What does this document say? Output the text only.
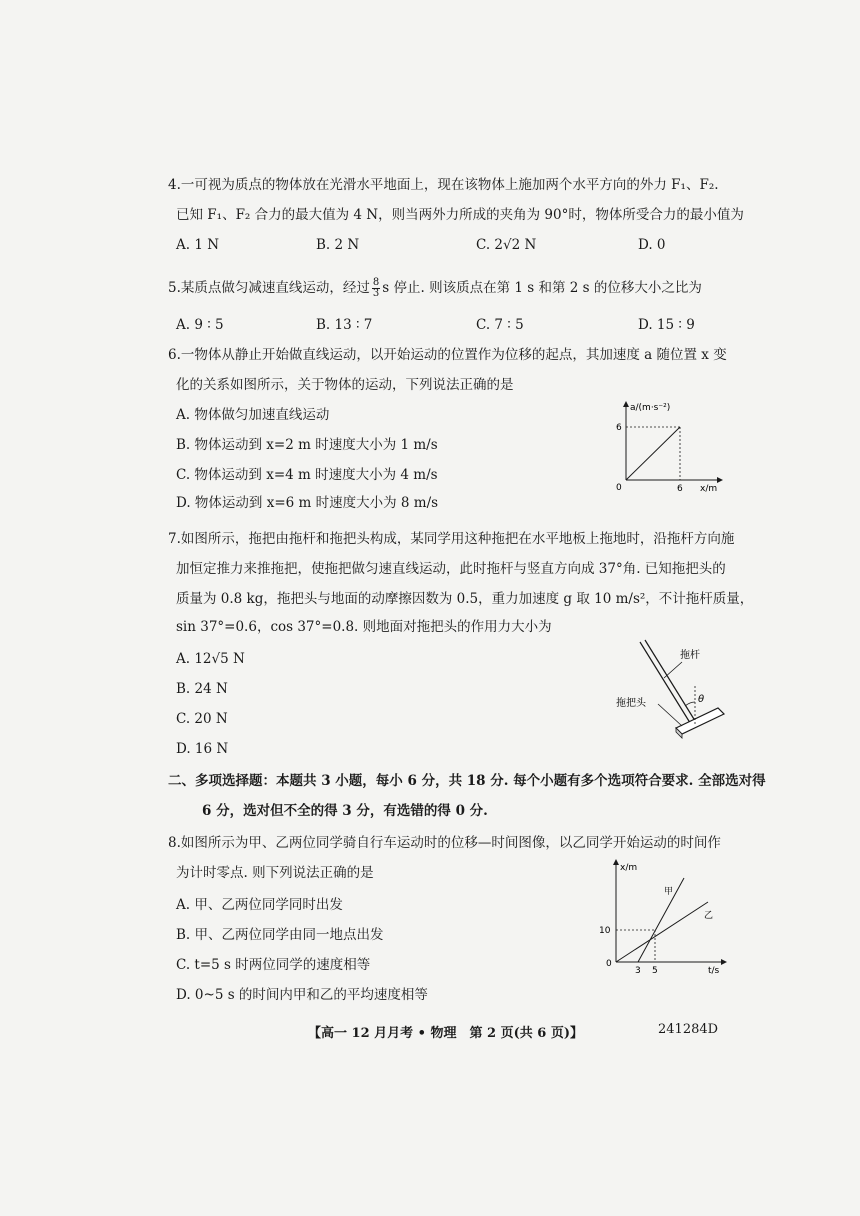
4.一可视为质点的物体放在光滑水平地面上，现在该物体上施加两个水平方向的外力 F₁、F₂.
已知 F₁、F₂ 合力的最大值为 4 N，则当两外力所成的夹角为 90°时，物体所受合力的最小值为
A. 1 N	B. 2 N	C. 2√2 N	D. 0
5.某质点做匀减速直线运动，经过 $\frac{8}{3}$ s 停止. 则该质点在第 1 s 和第 2 s 的位移大小之比为
A. 9 ∶ 5	B. 13 ∶ 7	C. 7 ∶ 5	D. 15 ∶ 9
6.一物体从静止开始做直线运动，以开始运动的位置作为位移的起点，其加速度 a 随位置 x 变
化的关系如图所示，关于物体的运动，下列说法正确的是
A. 物体做匀加速直线运动
B. 物体运动到 x=2 m 时速度大小为 1 m/s
C. 物体运动到 x=4 m 时速度大小为 4 m/s
D. 物体运动到 x=6 m 时速度大小为 8 m/s
a/(m·s⁻²)
6
0	6 x/m
7.如图所示，拖把由拖杆和拖把头构成，某同学用这种拖把在水平地板上拖地时，沿拖杆方向施
加恒定推力来推拖把，使拖把做匀速直线运动，此时拖杆与竖直方向成 37°角. 已知拖把头的
质量为 0.8 kg，拖把头与地面的动摩擦因数为 0.5，重力加速度 g 取 10 m/s²，不计拖杆质量，
sin 37°=0.6，cos 37°=0.8. 则地面对拖把头的作用力大小为
A. 12√5 N
B. 24 N
C. 20 N
D. 16 N
θ
拖杆
拖把头
二、多项选择题：本题共 3 小题，每小 6 分，共 18 分. 每个小题有多个选项符合要求. 全部选对得
6 分，选对但不全的得 3 分，有选错的得 0 分.
8.如图所示为甲、乙两位同学骑自行车运动时的位移—时间图像，以乙同学开始运动的时间作
为计时零点. 则下列说法正确的是
A. 甲、乙两位同学同时出发
B. 甲、乙两位同学由同一地点出发
C. t=5 s 时两位同学的速度相等
D. 0~5 s 的时间内甲和乙的平均速度相等
x/m
甲
乙
10
0
3 5	t/s
【高一 12 月月考 • 物理　第 2 页(共 6 页)】	241284D
